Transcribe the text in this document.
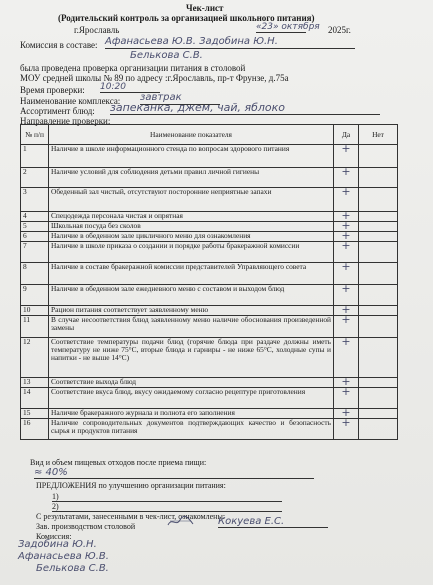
Чек-лист
(Родительский контроль за организацией школьного питания)
г.Ярославль	«23» октября 2025г.
Комиссия в составе: Афанасьева Ю.В. Задобина Ю.Н.
Белькова С.В.
была проведена проверка организации питания в столовой
МОУ средней школы № 89 по адресу :г.Ярославль, пр-т Фрунзе, д.75а
Время проверки: 10:20
Наименование комплекса: завтрак
Ассортимент блюд: запеканка, джем, чай, яблоко
Направление проверки:
№ п/п	Наименование показателя	Да	Нет
1	Наличие в школе информационного стенда по вопросам здорового питания	+	
2	Наличие условий для соблюдения детьми правил личной гигиены	+	
3	Обеденный зал чистый, отсутствуют посторонние неприятные запахи	+	
4	Спецодежда персонала чистая и опрятная	+	
5	Школьная посуда без сколов	+	
6	Наличие в обеденном зале цикличного меню для ознакомления	+	
7	Наличие в школе приказа о создании и порядке работы бракеражной комиссии	+	
8	Наличие в составе бракеражной комиссии представителей Управляющего совета	+	
9	Наличие в обеденном зале ежедневного меню с составом и выходом блюд	+	
10	Рацион питания соответствует заявленному меню	+	
11	В случае несоответствия блюд заявленному меню наличие обоснования произведенной замены	+	
12	Соответствие температуры подачи блюд (горячие блюда при раздаче должны иметь температуру не ниже 75°С, вторые блюда и гарниры - не ниже 65°С, холодные супы и напитки - не выше 14°С)	+	
13	Соответствие выхода блюд	+	
14	Соответствие вкуса блюд, вкусу ожидаемому согласно рецептуре приготовления	+	
15	Наличие бракеражного журнала и полнота его заполнения	+	
16	Наличие сопроводительных документов подтверждающих качество и безопасность сырья и продуктов питания	+	
Вид и объем пищевых отходов после приема пищи:
≈ 40%
ПРЕДЛОЖЕНИЯ по улучшению организации питания:
1)
2)
С результатами, занесенными в чек-лист, ознакомлены:
Зав. производством столовой	Кокуева Е.С.
Комиссия:
Задобина Ю.Н.
Афанасьева Ю.В.
Белькова С.В.
